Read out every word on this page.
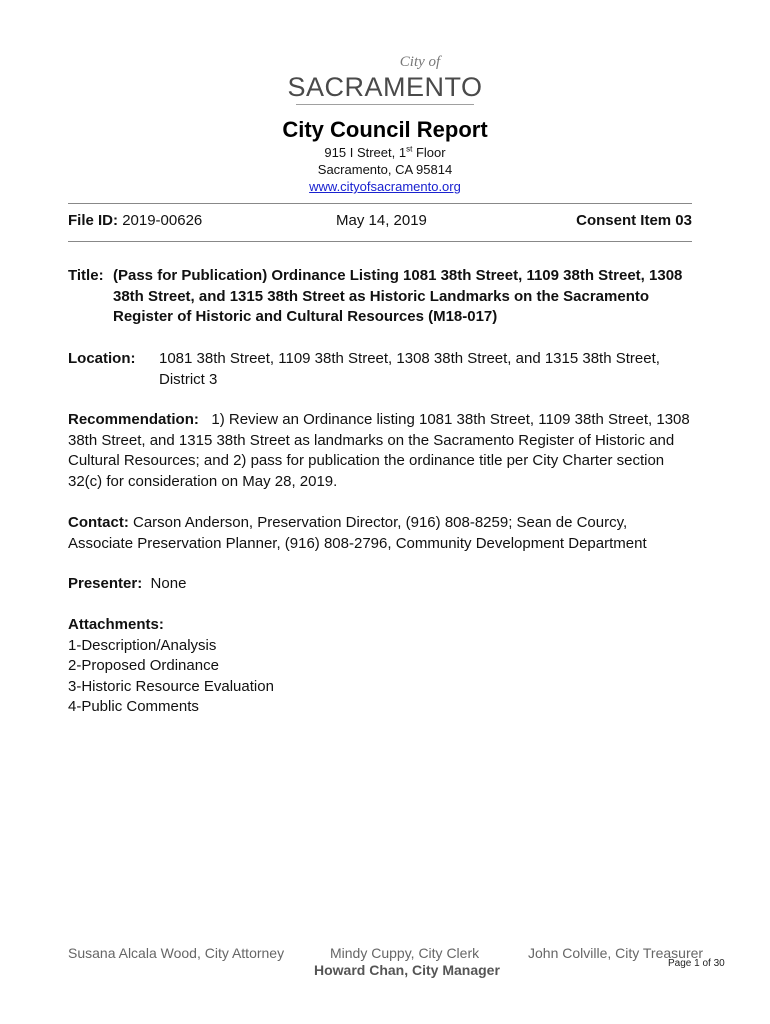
City of
SACRAMENTO
City Council Report
915 I Street, 1st Floor
Sacramento, CA 95814
www.cityofsacramento.org
File ID: 2019-00626	May 14, 2019	Consent Item 03
Title: (Pass for Publication) Ordinance Listing 1081 38th Street, 1109 38th Street, 1308 38th Street, and 1315 38th Street as Historic Landmarks on the Sacramento Register of Historic and Cultural Resources (M18-017)
Location: 1081 38th Street, 1109 38th Street, 1308 38th Street, and 1315 38th Street, District 3
Recommendation: 1) Review an Ordinance listing 1081 38th Street, 1109 38th Street, 1308 38th Street, and 1315 38th Street as landmarks on the Sacramento Register of Historic and Cultural Resources; and 2) pass for publication the ordinance title per City Charter section 32(c) for consideration on May 28, 2019.
Contact: Carson Anderson, Preservation Director, (916) 808-8259; Sean de Courcy, Associate Preservation Planner, (916) 808-2796, Community Development Department
Presenter: None
Attachments:
1-Description/Analysis
2-Proposed Ordinance
3-Historic Resource Evaluation
4-Public Comments
Susana Alcala Wood, City Attorney	Mindy Cuppy, City Clerk	John Colville, City Treasurer
Howard Chan, City Manager	Page 1 of 30
